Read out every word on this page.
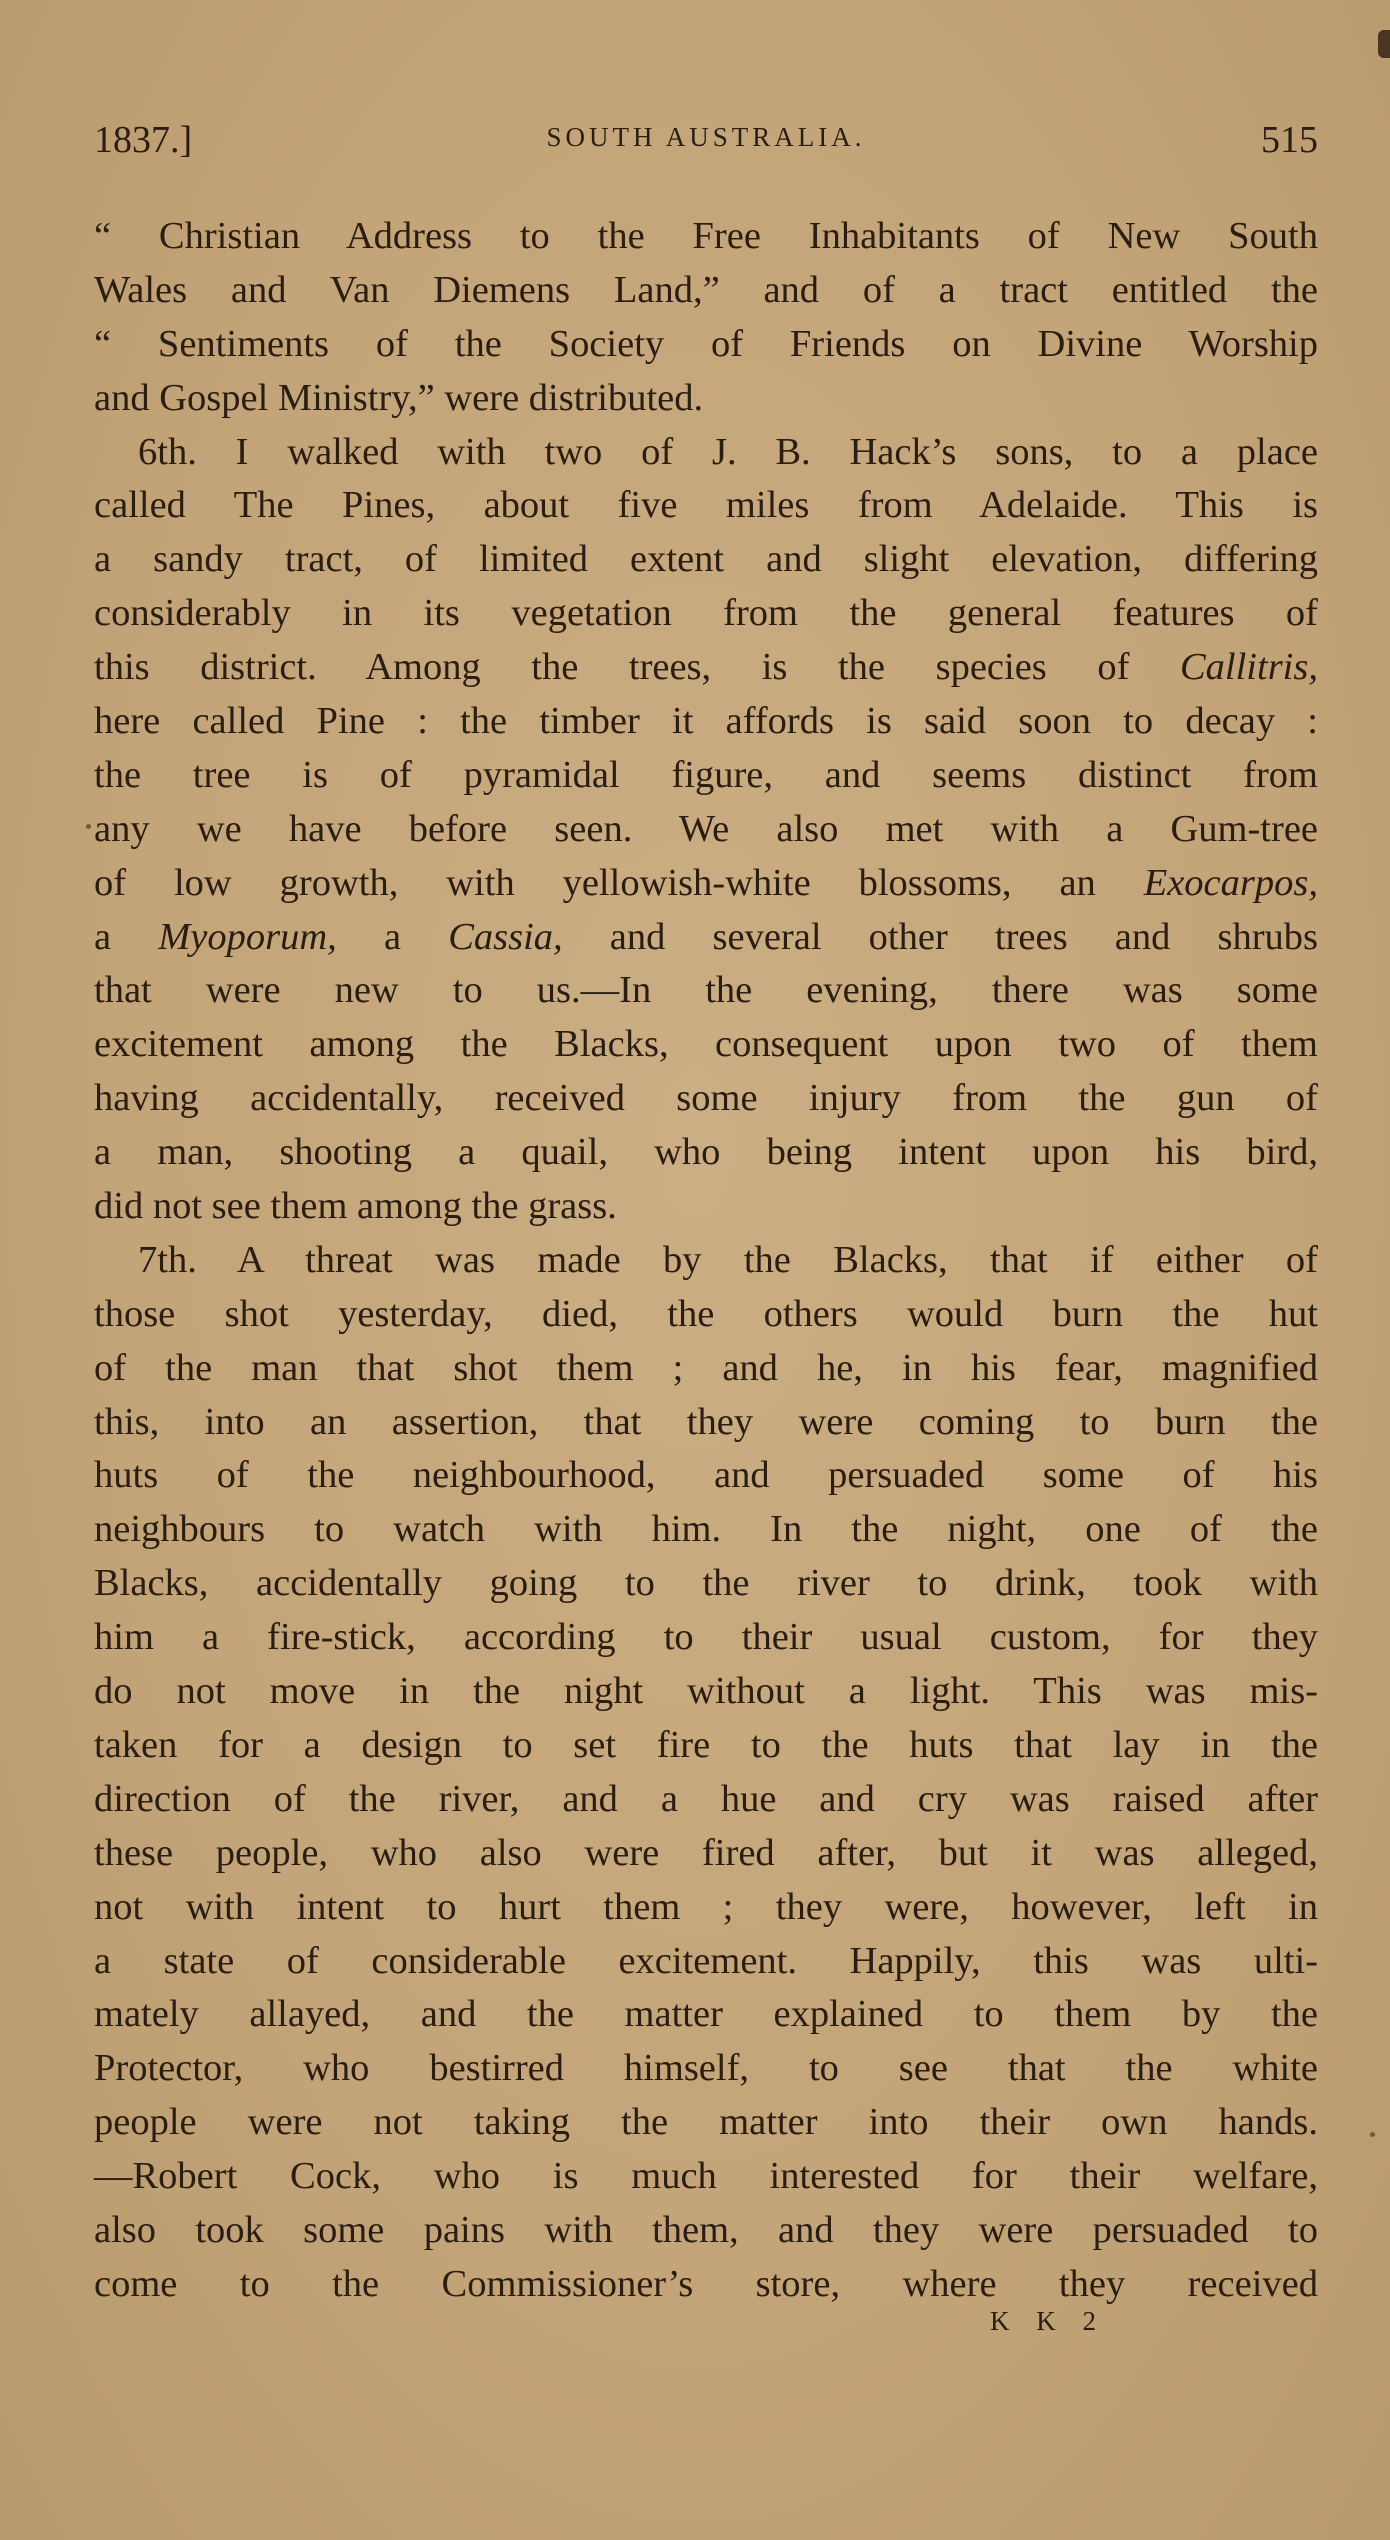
1837.]	SOUTH AUSTRALIA.	515
“ Christian Address to the Free Inhabitants of New South
Wales and Van Diemens Land,” and of a tract entitled the
“ Sentiments of the Society of Friends on Divine Worship
and Gospel Ministry,” were distributed.
6th. I walked with two of J. B. Hack’s sons, to a place
called The Pines, about five miles from Adelaide. This is
a sandy tract, of limited extent and slight elevation, differing
considerably in its vegetation from the general features of
this district. Among the trees, is the species of Callitris,
here called Pine : the timber it affords is said soon to decay :
the tree is of pyramidal figure, and seems distinct from
any we have before seen. We also met with a Gum-tree
of low growth, with yellowish-white blossoms, an Exocarpos,
a Myoporum, a Cassia, and several other trees and shrubs
that were new to us.—In the evening, there was some
excitement among the Blacks, consequent upon two of them
having accidentally, received some injury from the gun of
a man, shooting a quail, who being intent upon his bird,
did not see them among the grass.
7th. A threat was made by the Blacks, that if either of
those shot yesterday, died, the others would burn the hut
of the man that shot them ; and he, in his fear, magnified
this, into an assertion, that they were coming to burn the
huts of the neighbourhood, and persuaded some of his
neighbours to watch with him. In the night, one of the
Blacks, accidentally going to the river to drink, took with
him a fire-stick, according to their usual custom, for they
do not move in the night without a light. This was mis-
taken for a design to set fire to the huts that lay in the
direction of the river, and a hue and cry was raised after
these people, who also were fired after, but it was alleged,
not with intent to hurt them ; they were, however, left in
a state of considerable excitement. Happily, this was ulti-
mately allayed, and the matter explained to them by the
Protector, who bestirred himself, to see that the white
people were not taking the matter into their own hands.
—Robert Cock, who is much interested for their welfare,
also took some pains with them, and they were persuaded to
come to the Commissioner’s store, where they received
K K 2
